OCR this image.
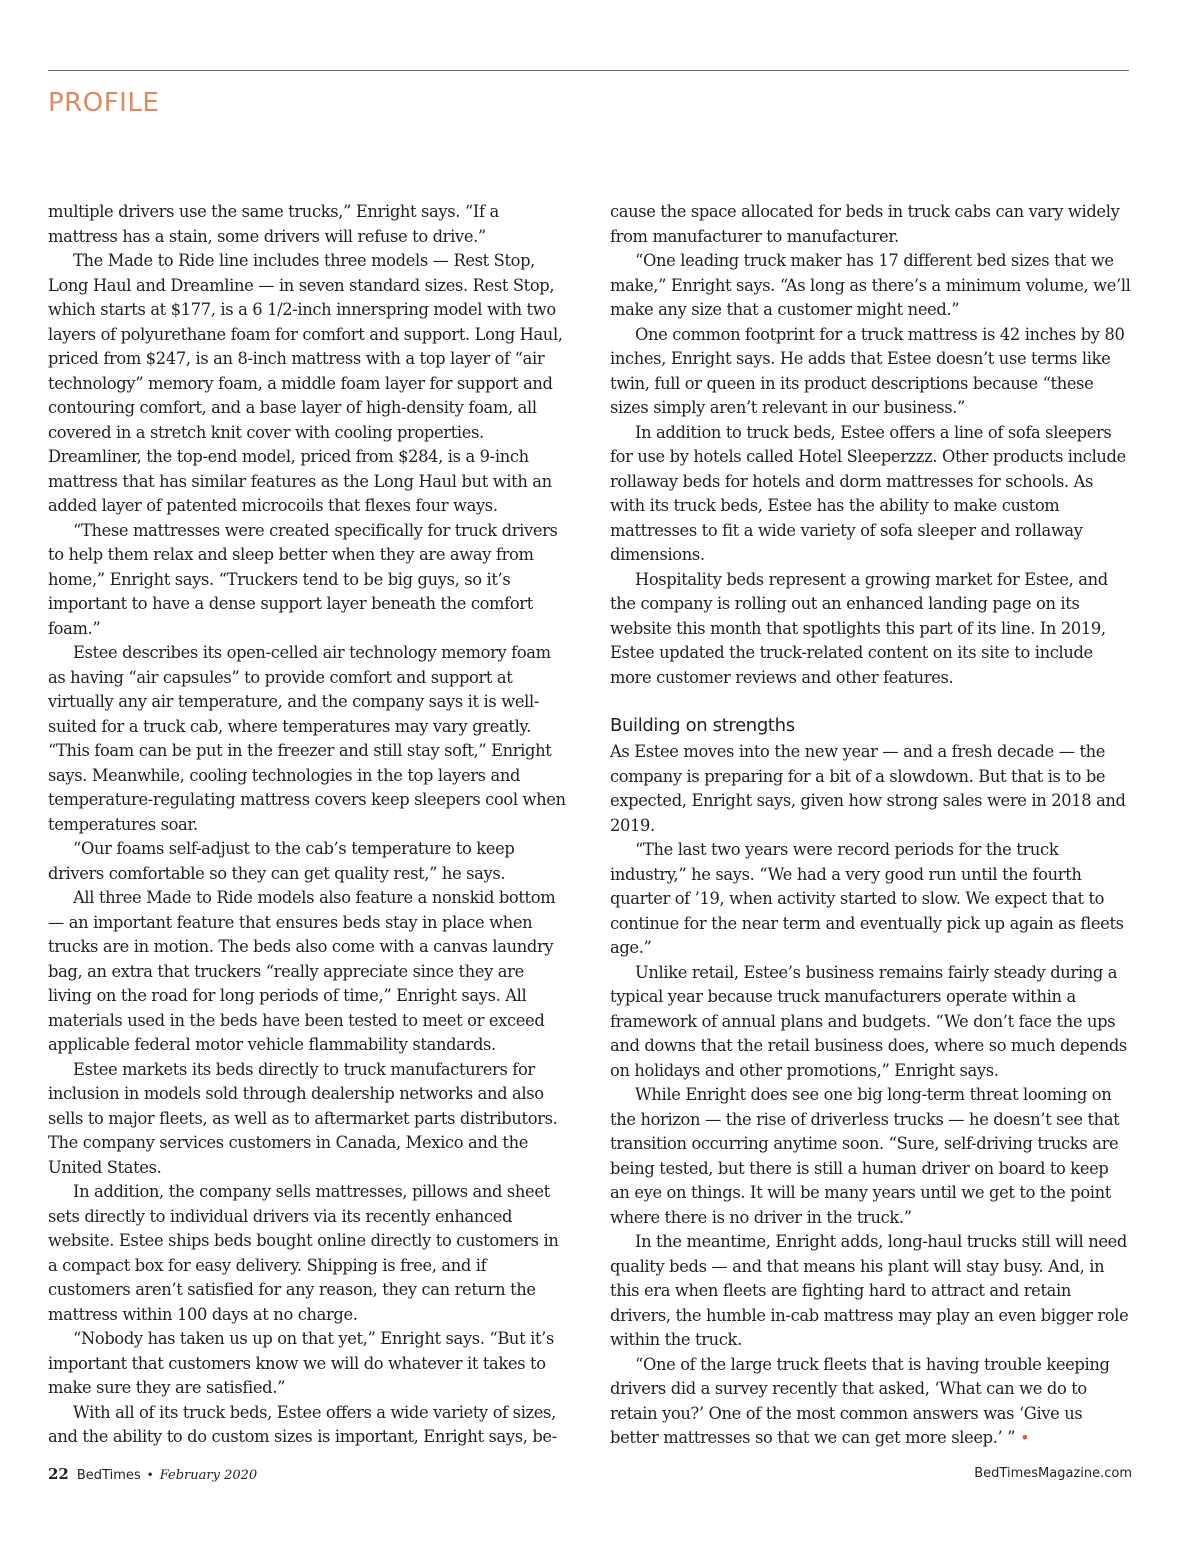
PROFILE

multiple drivers use the same trucks,” Enright says. “If a mattress has a stain, some drivers will refuse to drive.”

The Made to Ride line includes three models — Rest Stop, Long Haul and Dreamline — in seven standard sizes. Rest Stop, which starts at $177, is a 6 1/2-inch innerspring model with two layers of polyurethane foam for comfort and support. Long Haul, priced from $247, is an 8-inch mattress with a top layer of “air technology” memory foam, a middle foam layer for support and contouring comfort, and a base layer of high-density foam, all covered in a stretch knit cover with cooling properties. Dreamliner, the top-end model, priced from $284, is a 9-inch mattress that has similar features as the Long Haul but with an added layer of patented microcoils that flexes four ways.

“These mattresses were created specifically for truck drivers to help them relax and sleep better when they are away from home,” Enright says. “Truckers tend to be big guys, so it’s important to have a dense support layer beneath the comfort foam.”

Estee describes its open-celled air technology memory foam as having “air capsules” to provide comfort and support at virtually any air temperature, and the company says it is well-suited for a truck cab, where temperatures may vary greatly. “This foam can be put in the freezer and still stay soft,” Enright says. Meanwhile, cooling technologies in the top layers and temperature-regulating mattress covers keep sleepers cool when temperatures soar.

“Our foams self-adjust to the cab’s temperature to keep drivers comfortable so they can get quality rest,” he says.

All three Made to Ride models also feature a nonskid bottom — an important feature that ensures beds stay in place when trucks are in motion. The beds also come with a canvas laundry bag, an extra that truckers “really appreciate since they are living on the road for long periods of time,” Enright says. All materials used in the beds have been tested to meet or exceed applicable federal motor vehicle flammability standards.

Estee markets its beds directly to truck manufacturers for inclusion in models sold through dealership networks and also sells to major fleets, as well as to aftermarket parts distributors. The company services customers in Canada, Mexico and the United States.

In addition, the company sells mattresses, pillows and sheet sets directly to individual drivers via its recently enhanced website. Estee ships beds bought online directly to customers in a compact box for easy delivery. Shipping is free, and if customers aren’t satisfied for any reason, they can return the mattress within 100 days at no charge.

“Nobody has taken us up on that yet,” Enright says. “But it’s important that customers know we will do whatever it takes to make sure they are satisfied.”

With all of its truck beds, Estee offers a wide variety of sizes, and the ability to do custom sizes is important, Enright says, be-

cause the space allocated for beds in truck cabs can vary widely from manufacturer to manufacturer.

“One leading truck maker has 17 different bed sizes that we make,” Enright says. “As long as there’s a minimum volume, we’ll make any size that a customer might need.”

One common footprint for a truck mattress is 42 inches by 80 inches, Enright says. He adds that Estee doesn’t use terms like twin, full or queen in its product descriptions because “these sizes simply aren’t relevant in our business.”

In addition to truck beds, Estee offers a line of sofa sleepers for use by hotels called Hotel Sleeperzzz. Other products include rollaway beds for hotels and dorm mattresses for schools. As with its truck beds, Estee has the ability to make custom mattresses to fit a wide variety of sofa sleeper and rollaway dimensions.

Hospitality beds represent a growing market for Estee, and the company is rolling out an enhanced landing page on its website this month that spotlights this part of its line. In 2019, Estee updated the truck-related content on its site to include more customer reviews and other features.

Building on strengths

As Estee moves into the new year — and a fresh decade — the company is preparing for a bit of a slowdown. But that is to be expected, Enright says, given how strong sales were in 2018 and 2019.

“The last two years were record periods for the truck industry,” he says. “We had a very good run until the fourth quarter of ’19, when activity started to slow. We expect that to continue for the near term and eventually pick up again as fleets age.”

Unlike retail, Estee’s business remains fairly steady during a typical year because truck manufacturers operate within a framework of annual plans and budgets. “We don’t face the ups and downs that the retail business does, where so much depends on holidays and other promotions,” Enright says.

While Enright does see one big long-term threat looming on the horizon — the rise of driverless trucks — he doesn’t see that transition occurring anytime soon. “Sure, self-driving trucks are being tested, but there is still a human driver on board to keep an eye on things. It will be many years until we get to the point where there is no driver in the truck.”

In the meantime, Enright adds, long-haul trucks still will need quality beds — and that means his plant will stay busy. And, in this era when fleets are fighting hard to attract and retain drivers, the humble in-cab mattress may play an even bigger role within the truck.

“One of the large truck fleets that is having trouble keeping drivers did a survey recently that asked, ‘What can we do to retain you?’ One of the most common answers was ‘Give us better mattresses so that we can get more sleep.’ ” •

22 BedTimes • February 2020	BedTimesMagazine.com
